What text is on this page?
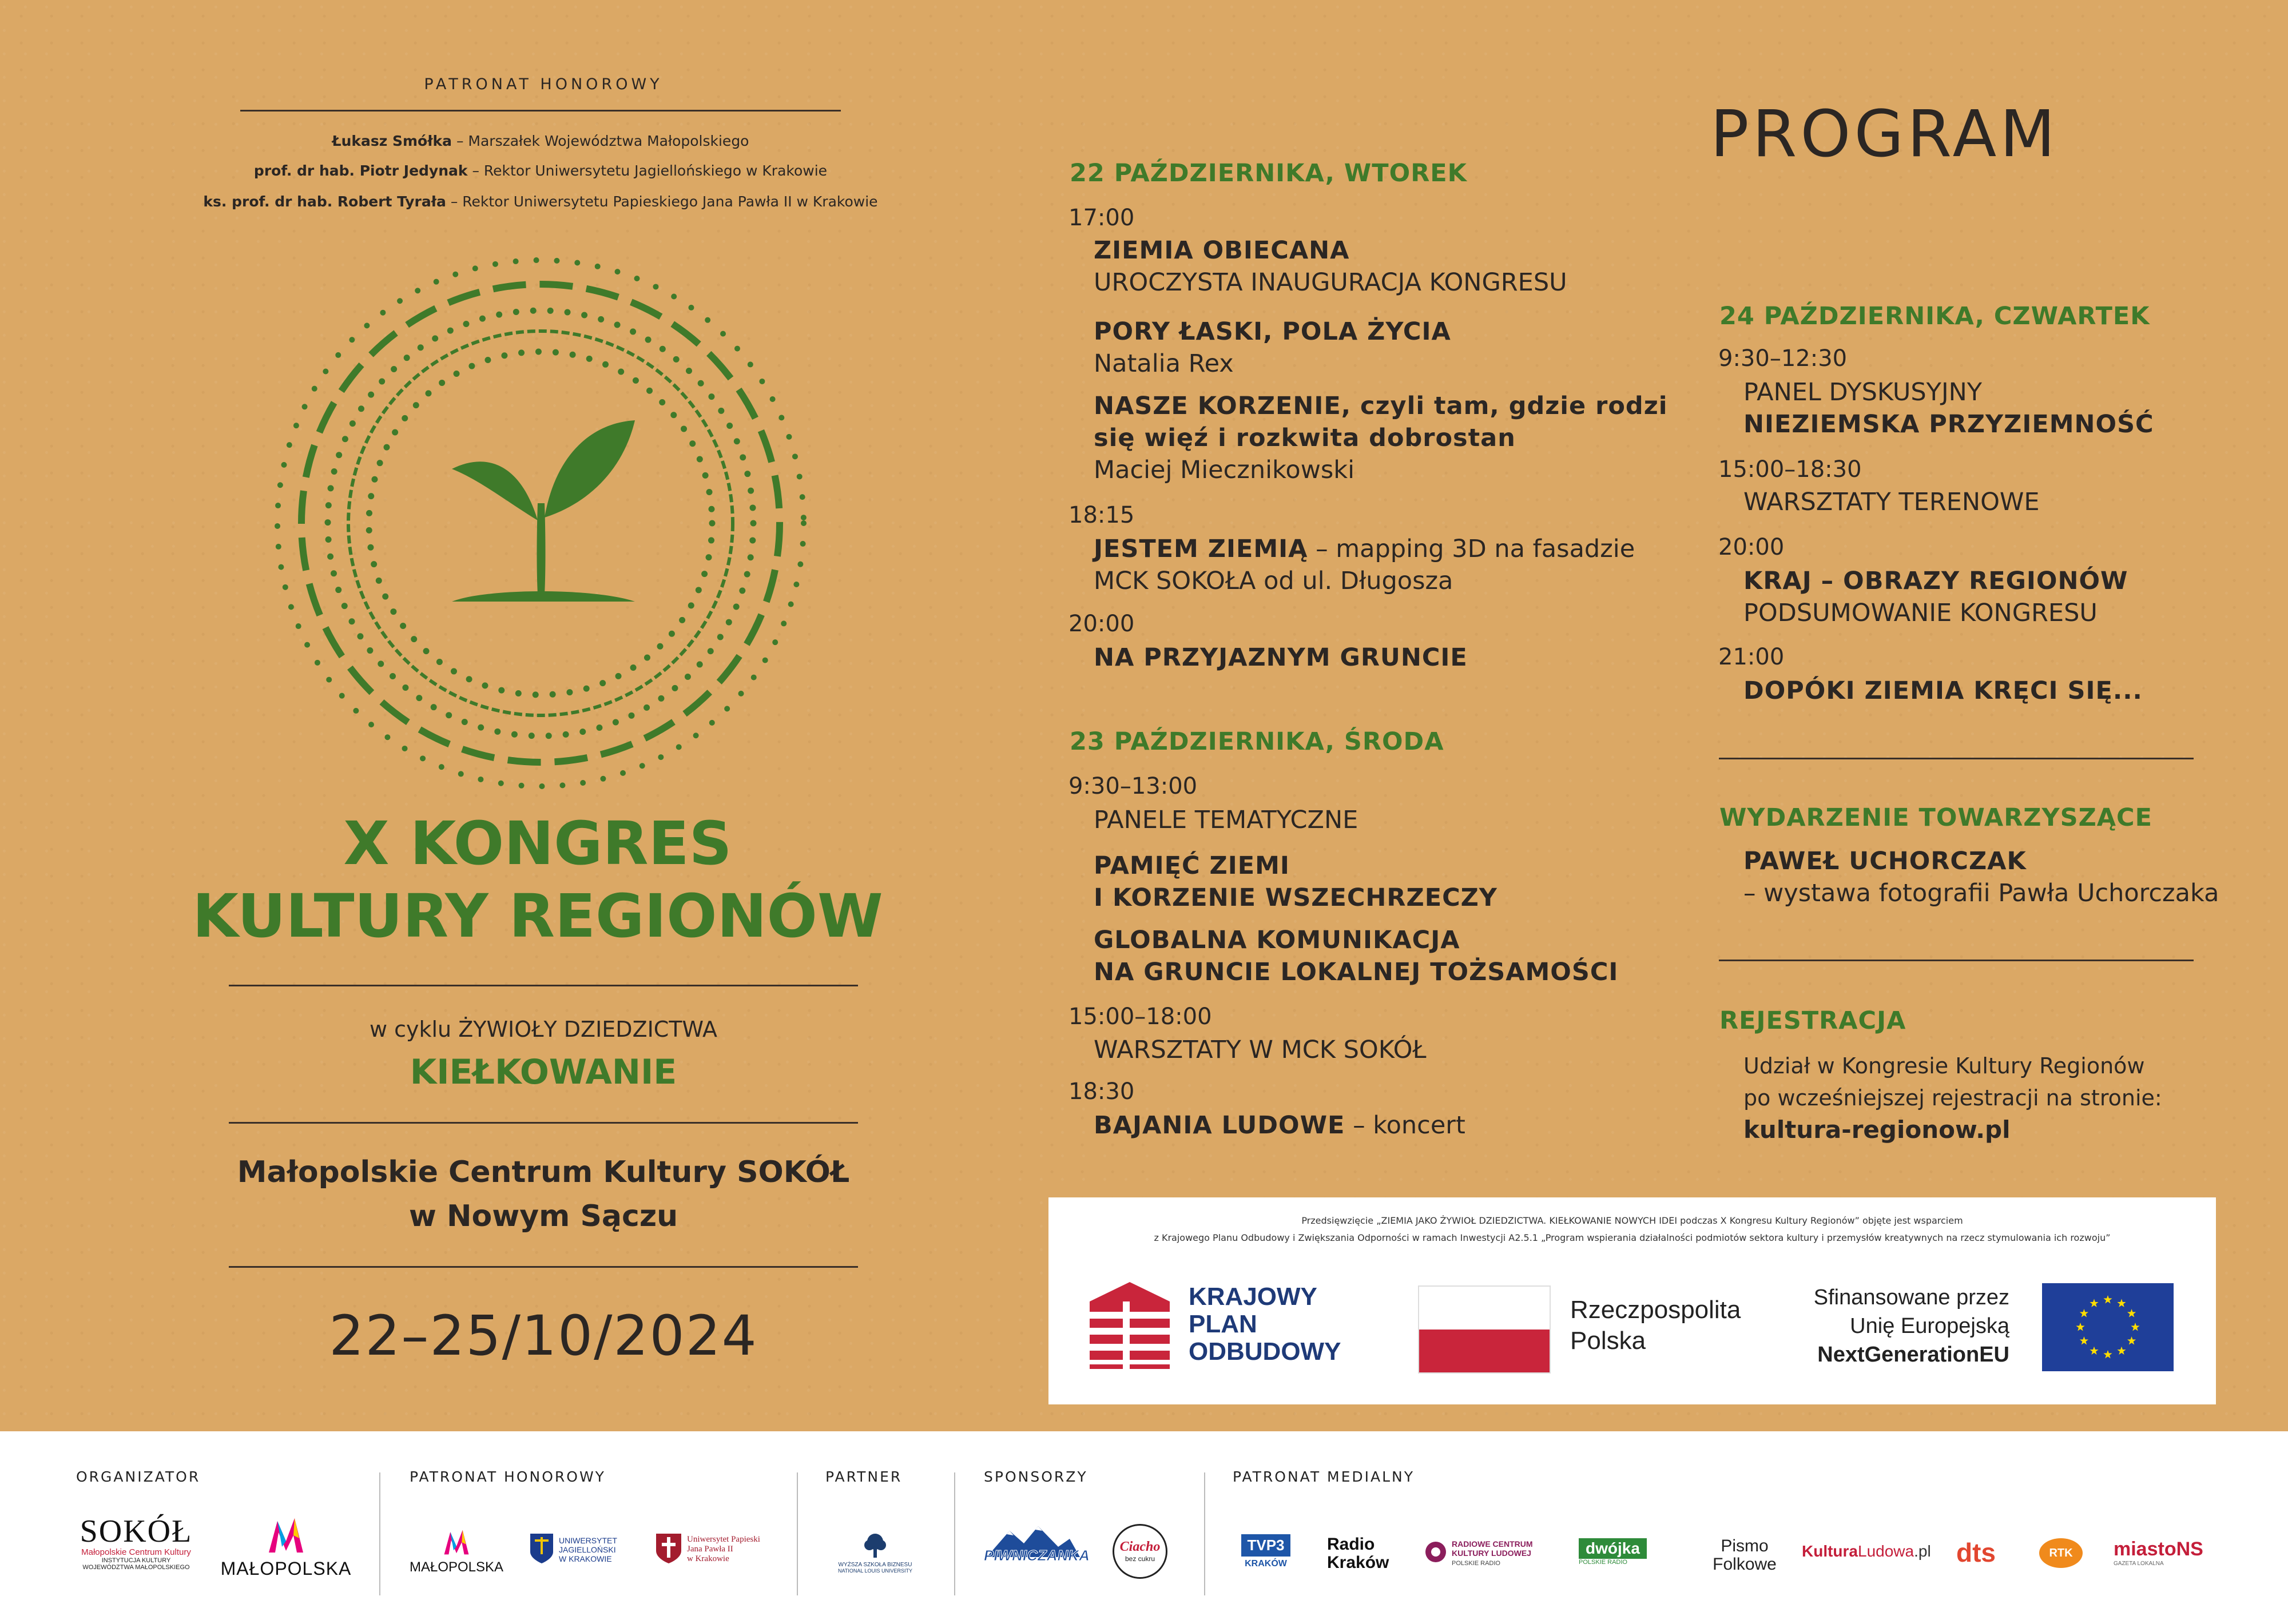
PATRONAT HONOROWY
Łukasz Smółka – Marszałek Województwa Małopolskiego
prof. dr hab. Piotr Jedynak – Rektor Uniwersytetu Jagiellońskiego w Krakowie
ks. prof. dr hab. Robert Tyrała – Rektor Uniwersytetu Papieskiego Jana Pawła II w Krakowie
X KONGRES
KULTURY REGIONÓW
w cyklu ŻYWIOŁY DZIEDZICTWA
KIEŁKOWANIE
Małopolskie Centrum Kultury SOKÓŁ
w Nowym Sączu
22–25/10/2024
PROGRAM
22 PAŹDZIERNIKA, WTOREK
17:00
ZIEMIA OBIECANA
UROCZYSTA INAUGURACJA KONGRESU
PORY ŁASKI, POLA ŻYCIA
Natalia Rex
NASZE KORZENIE, czyli tam, gdzie rodzi
się więź i rozkwita dobrostan
Maciej Miecznikowski
18:15
JESTEM ZIEMIĄ – mapping 3D na fasadzie
MCK SOKOŁA od ul. Długosza
20:00
NA PRZYJAZNYM GRUNCIE
23 PAŹDZIERNIKA, ŚRODA
9:30–13:00
PANELE TEMATYCZNE
PAMIĘĆ ZIEMI
I KORZENIE WSZECHRZECZY
GLOBALNA KOMUNIKACJA
NA GRUNCIE LOKALNEJ TOŻSAMOŚCI
15:00–18:00
WARSZTATY W MCK SOKÓŁ
18:30
BAJANIA LUDOWE – koncert
24 PAŹDZIERNIKA, CZWARTEK
9:30–12:30
PANEL DYSKUSYJNY
NIEZIEMSKA PRZYZIEMNOŚĆ
15:00–18:30
WARSZTATY TERENOWE
20:00
KRAJ – OBRAZY REGIONÓW
PODSUMOWANIE KONGRESU
21:00
DOPÓKI ZIEMIA KRĘCI SIĘ...
WYDARZENIE TOWARZYSZĄCE
PAWEŁ UCHORCZAK
– wystawa fotografii Pawła Uchorczaka
REJESTRACJA
Udział w Kongresie Kultury Regionów
po wcześniejszej rejestracji na stronie:
kultura-regionow.pl
Przedsięwzięcie „ZIEMIA JAKO ŻYWIOŁ DZIEDZICTWA. KIEŁKOWANIE NOWYCH IDEI podczas X Kongresu Kultury Regionów” objęte jest wsparciem
z Krajowego Planu Odbudowy i Zwiększania Odporności w ramach Inwestycji A2.5.1 „Program wspierania działalności podmiotów sektora kultury i przemysłów kreatywnych na rzecz stymulowania ich rozwoju”
KRAJOWY
PLAN
ODBUDOWY
Rzeczpospolita
Polska
Sfinansowane przez
Unię Europejską
NextGenerationEU
ORGANIZATOR	PATRONAT HONOROWY	PARTNER	SPONSORZY	PATRONAT MEDIALNY
SOKÓŁ
Małopolskie Centrum Kultury
INSTYTUCJA KULTURY
WOJEWÓDZTWA MAŁOPOLSKIEGO	MAŁOPOLSKA	MAŁOPOLSKA
UNIWERSYTET
JAGIELLOŃSKI
W KRAKOWIE
Uniwersytet Papieski
Jana Pawła II
w Krakowie
WYŻSZA SZKOŁA BIZNESU
NATIONAL LOUIS UNIVERSITY
PIWNICZANKA	Ciacho
bez cukru
TVP3
KRAKÓW
Radio
Kraków
RADIOWE CENTRUM
KULTURY LUDOWEJ
POLSKIE RADIO
dwójka
POLSKIE RADIO
Pismo
Folkowe
KulturaLudowa.pl dts	RTK	miastoNS
GAZETA LOKALNA
